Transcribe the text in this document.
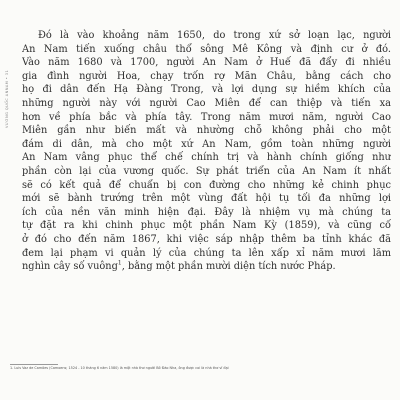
VƯƠNG QUỐC ANNAM • 31
Đó là vào khoảng năm 1650, do trong xứ sở loạn lạc, người
An Nam tiến xuống châu thổ sông Mê Kông và định cư ở đó.
Vào năm 1680 và 1700, người An Nam ở Huế đã đẩy đi nhiều
gia đình người Hoa, chạy trốn rợ Mãn Châu, bằng cách cho
họ đi dân đến Hạ Đàng Trong, và lợi dụng sự hiềm khích của
những người này với người Cao Miên để can thiệp và tiến xa
hơn về phía bắc và phía tây. Trong năm mươi năm, người Cao
Miên gần như biến mất và nhường chỗ không phải cho một
đám di dân, mà cho một xứ An Nam, gồm toàn những người
An Nam vâng phục thể chế chính trị và hành chính giống như
phần còn lại của vương quốc. Sự phát triển của An Nam ít nhất
sẽ có kết quả để chuẩn bị con đường cho những kẻ chinh phục
mới sẽ bành trướng trên một vùng đất hội tụ tối đa những lợi
ích của nền văn minh hiện đại. Đây là nhiệm vụ mà chúng ta
tự đặt ra khi chinh phục một phần Nam Kỳ (1859), và cũng cố
ở đó cho đến năm 1867, khi việc sáp nhập thêm ba tỉnh khác đã
đem lại phạm vi quản lý của chúng ta lên xấp xỉ năm mươi lăm
nghìn cây số vuông$^1$, bằng một phần mười diện tích nước Pháp.
1. Luis Vaz de Camões (Camoens; 1524 - 10 tháng 6 năm 1580) là một nhà thơ người Bồ Đào Nha, ông được coi là nhà thơ vĩ đại
